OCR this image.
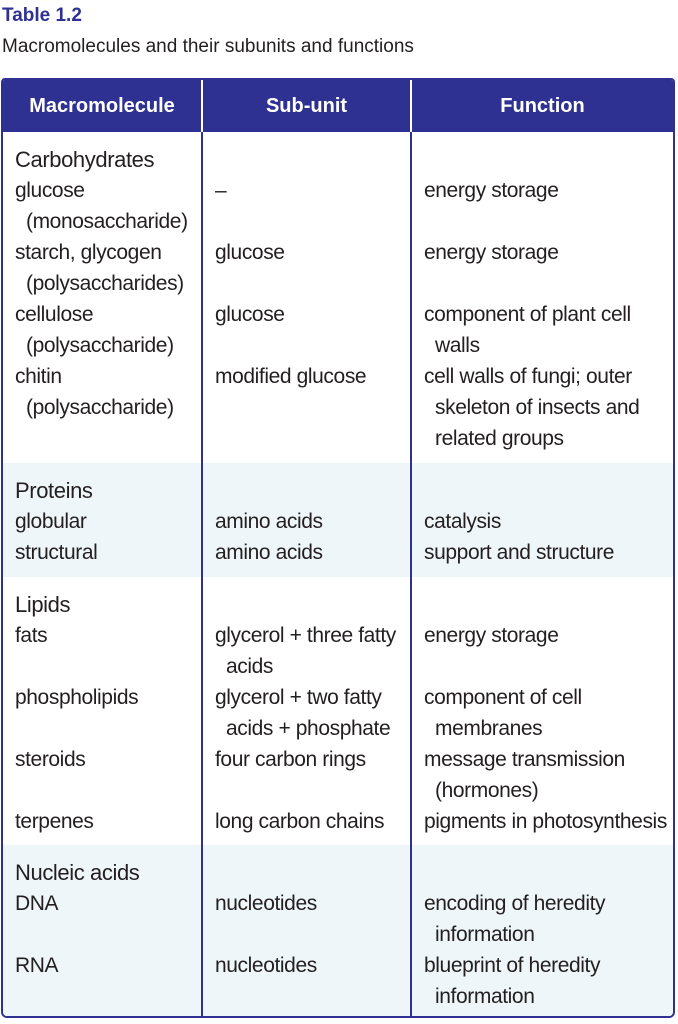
Table 1.2
Macromolecules and their subunits and functions
Macromolecule	Sub-unit	Function
Carbohydrates
glucose
(monosaccharide)
starch, glycogen
(polysaccharides)
cellulose
(polysaccharide)
chitin
(polysaccharide)
–
glucose
glucose
modified glucose
energy storage
energy storage
component of plant cell
walls
cell walls of fungi; outer
skeleton of insects and
related groups
Proteins
globular
structural
amino acids
amino acids
catalysis
support and structure
Lipids
fats
phospholipids
steroids
terpenes
glycerol + three fatty
acids
glycerol + two fatty
acids + phosphate
four carbon rings
long carbon chains
energy storage
component of cell
membranes
message transmission
(hormones)
pigments in photosynthesis
Nucleic acids
DNA
RNA
nucleotides
nucleotides
encoding of heredity
information
blueprint of heredity
information
